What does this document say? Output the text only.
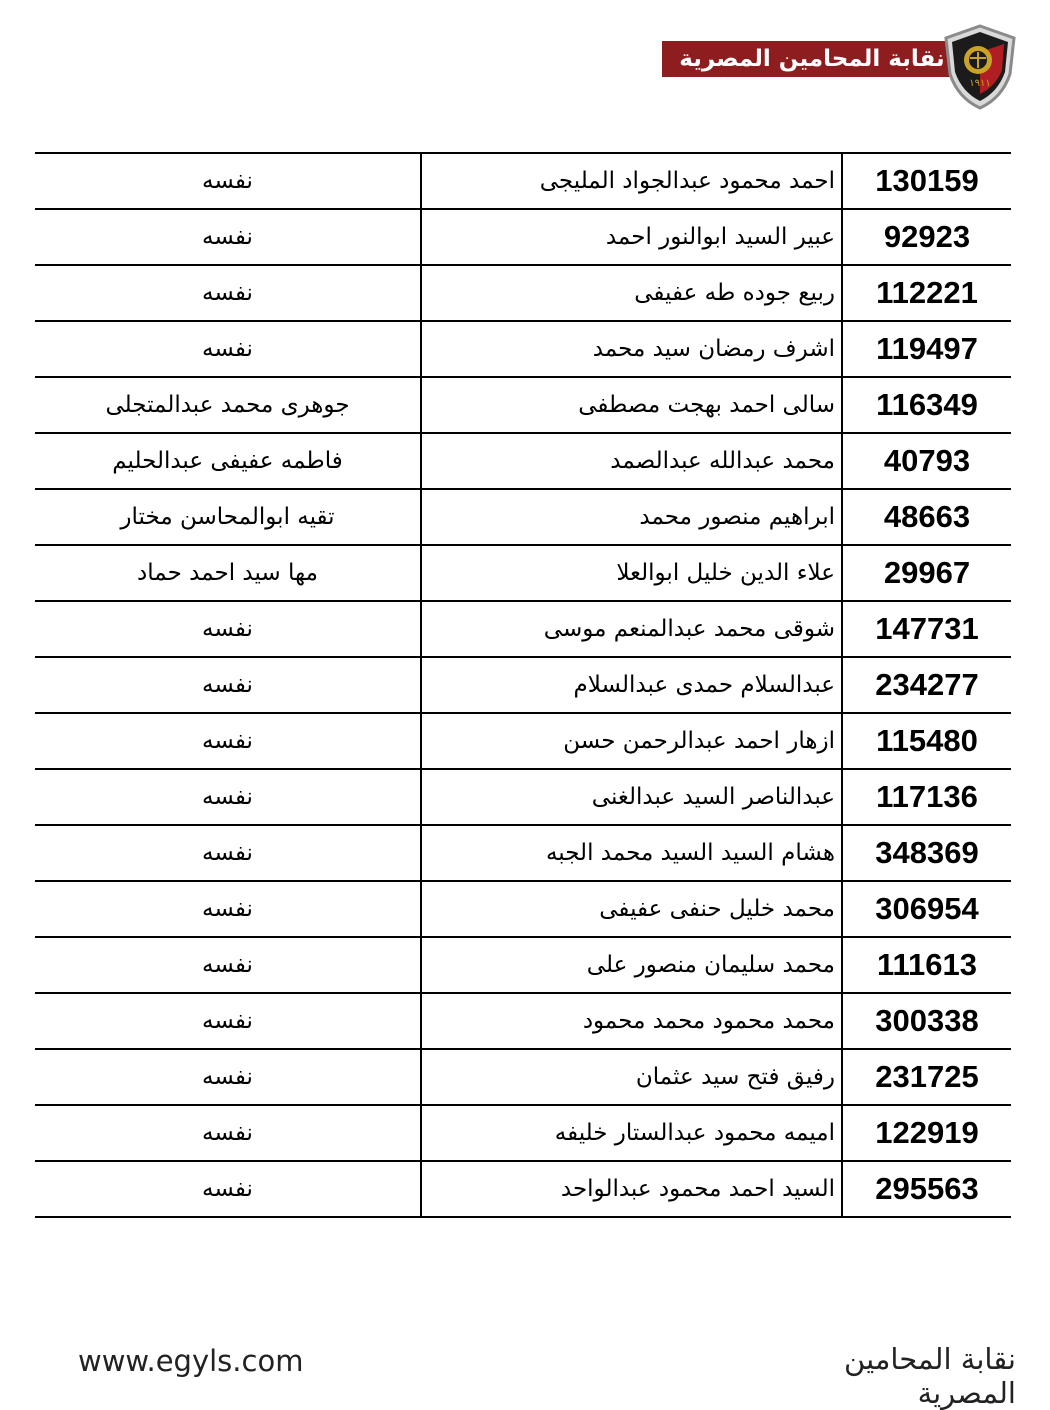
نقابة المحامين المصرية
١٩١١
130159	احمد محمود عبدالجواد المليجى	نفسه
92923	عبير السيد ابوالنور احمد	نفسه
112221	ربيع جوده طه عفيفى	نفسه
119497	اشرف رمضان سيد محمد	نفسه
116349	سالى احمد بهجت مصطفى	جوهرى محمد عبدالمتجلى
40793	محمد عبدالله عبدالصمد	فاطمه عفيفى عبدالحليم
48663	ابراهيم منصور محمد	تقيه ابوالمحاسن مختار
29967	علاء الدين خليل ابوالعلا	مها سيد احمد حماد
147731	شوقى محمد عبدالمنعم موسى	نفسه
234277	عبدالسلام حمدى عبدالسلام	نفسه
115480	ازهار احمد عبدالرحمن حسن	نفسه
117136	عبدالناصر السيد عبدالغنى	نفسه
348369	هشام السيد السيد محمد الجبه	نفسه
306954	محمد خليل حنفى عفيفى	نفسه
111613	محمد سليمان منصور على	نفسه
300338	محمد محمود محمد محمود	نفسه
231725	رفيق فتح سيد عثمان	نفسه
122919	اميمه محمود عبدالستار خليفه	نفسه
295563	السيد احمد محمود عبدالواحد	نفسه
www.egyls.com	نقابة المحامين المصرية
